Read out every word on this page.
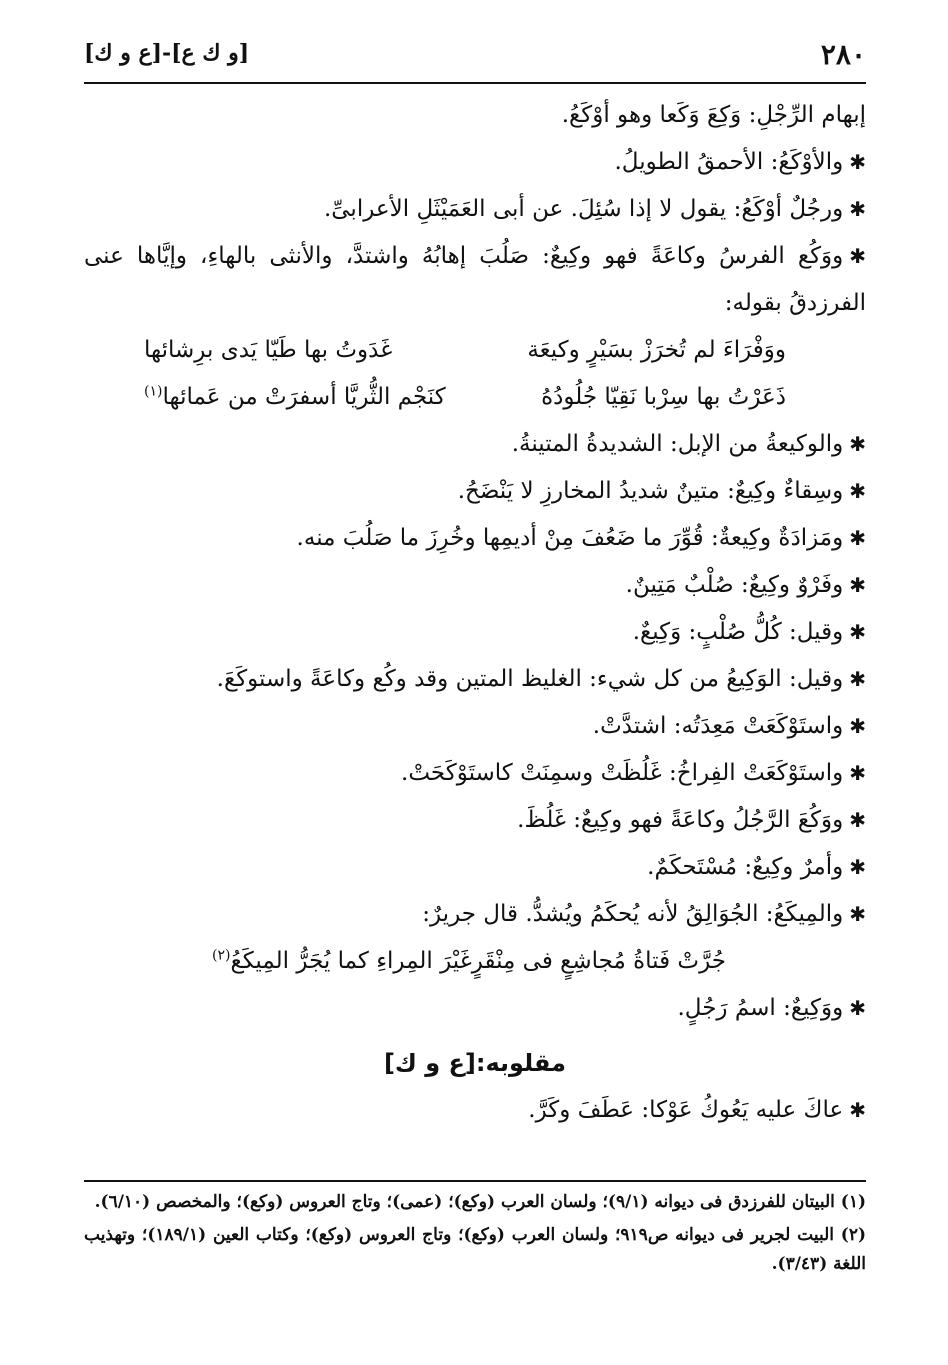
٢٨٠
[و ك ع]-[ع و ك]
إبهام الرِّجْلِ: وَكِعَ وَكَعا وهو أوْكَعُ.
✱والأوْكَعُ: الأحمقُ الطويلُ.
✱ورجُلٌ أوْكَعُ: يقول لا إذا سُئِلَ. عن أبى العَمَيْثَلِ الأعرابىِّ.
✱ووَكُع الفرسُ وكاعَةً فهو وكِيعٌ: صَلُبَ إهابُهُ واشتدَّ، والأنثى بالهاءِ، وإيَّاها عنى الفرزدقُ بقوله:
ووَفْرَاءَ لم تُخرَزْ بسَيْرٍ وكيعَة
غَدَوتُ بها طَيّا يَدى برِشائها
ذَعَرْتُ بها سِرْبا نَقِيّا جُلُودُهُ
كنَجْم الثُّريَّا أسفرَتْ من عَمائها$^{(١)}$
✱والوكيعةُ من الإبل: الشديدةُ المتينةُ.
✱وسِقاءٌ وكِيعٌ: متينٌ شديدُ المخارزِ لا يَنْضَحُ.
✱ومَزادَةٌ وكِيعةٌ: قُوِّرَ ما ضَعُفَ مِنْ أديمِها وخُرِزَ ما صَلُبَ منه.
✱وفَرْوٌ وكِيعٌ: صُلْبٌ مَتِينٌ.
✱وقيل: كُلُّ صُلْبٍ: وَكِيعٌ.
✱وقيل: الوَكِيعُ من كل شيء: الغليظ المتين وقد وكُع وكاعَةً واستوكَعَ.
✱واستَوْكَعَتْ مَعِدَتُه: اشتدَّتْ.
✱واستَوْكَعَتْ الفِراخُ: غَلُظَتْ وسمِنَتْ كاستَوْكَحَتْ.
✱ووَكُعَ الرَّجُلُ وكاعَةً فهو وكِيعٌ: غَلُظَ.
✱وأمرٌ وكِيعٌ: مُسْتَحكَمٌ.
✱والمِيكَعُ: الجُوَالِقُ لأنه يُحكَمُ ويُشدُّ. قال جريرٌ:
جُرَّتْ فَتاةُ مُجاشِعٍ فى مِنْقَرٍ
غَيْرَ المِراءِ كما يُجَرُّ المِيكَعُ$^{(٢)}$
✱ووَكِيعٌ: اسمُ رَجُلٍ.
مقلوبه:[ع و ك]
✱عاكَ عليه يَعُوكُ عَوْكا: عَطَفَ وكَرَّ.
(١) البيتان للفرزدق فى ديوانه (٩/١)؛ ولسان العرب (وكع)؛ (عمى)؛ وتاج العروس (وكع)؛ والمخصص (٦/١٠).
(٢) البيت لجرير فى ديوانه ص٩١٩؛ ولسان العرب (وكع)؛ وتاج العروس (وكع)؛ وكتاب العين (١٨٩/١)؛ وتهذيب اللغة (٣/٤٣).
